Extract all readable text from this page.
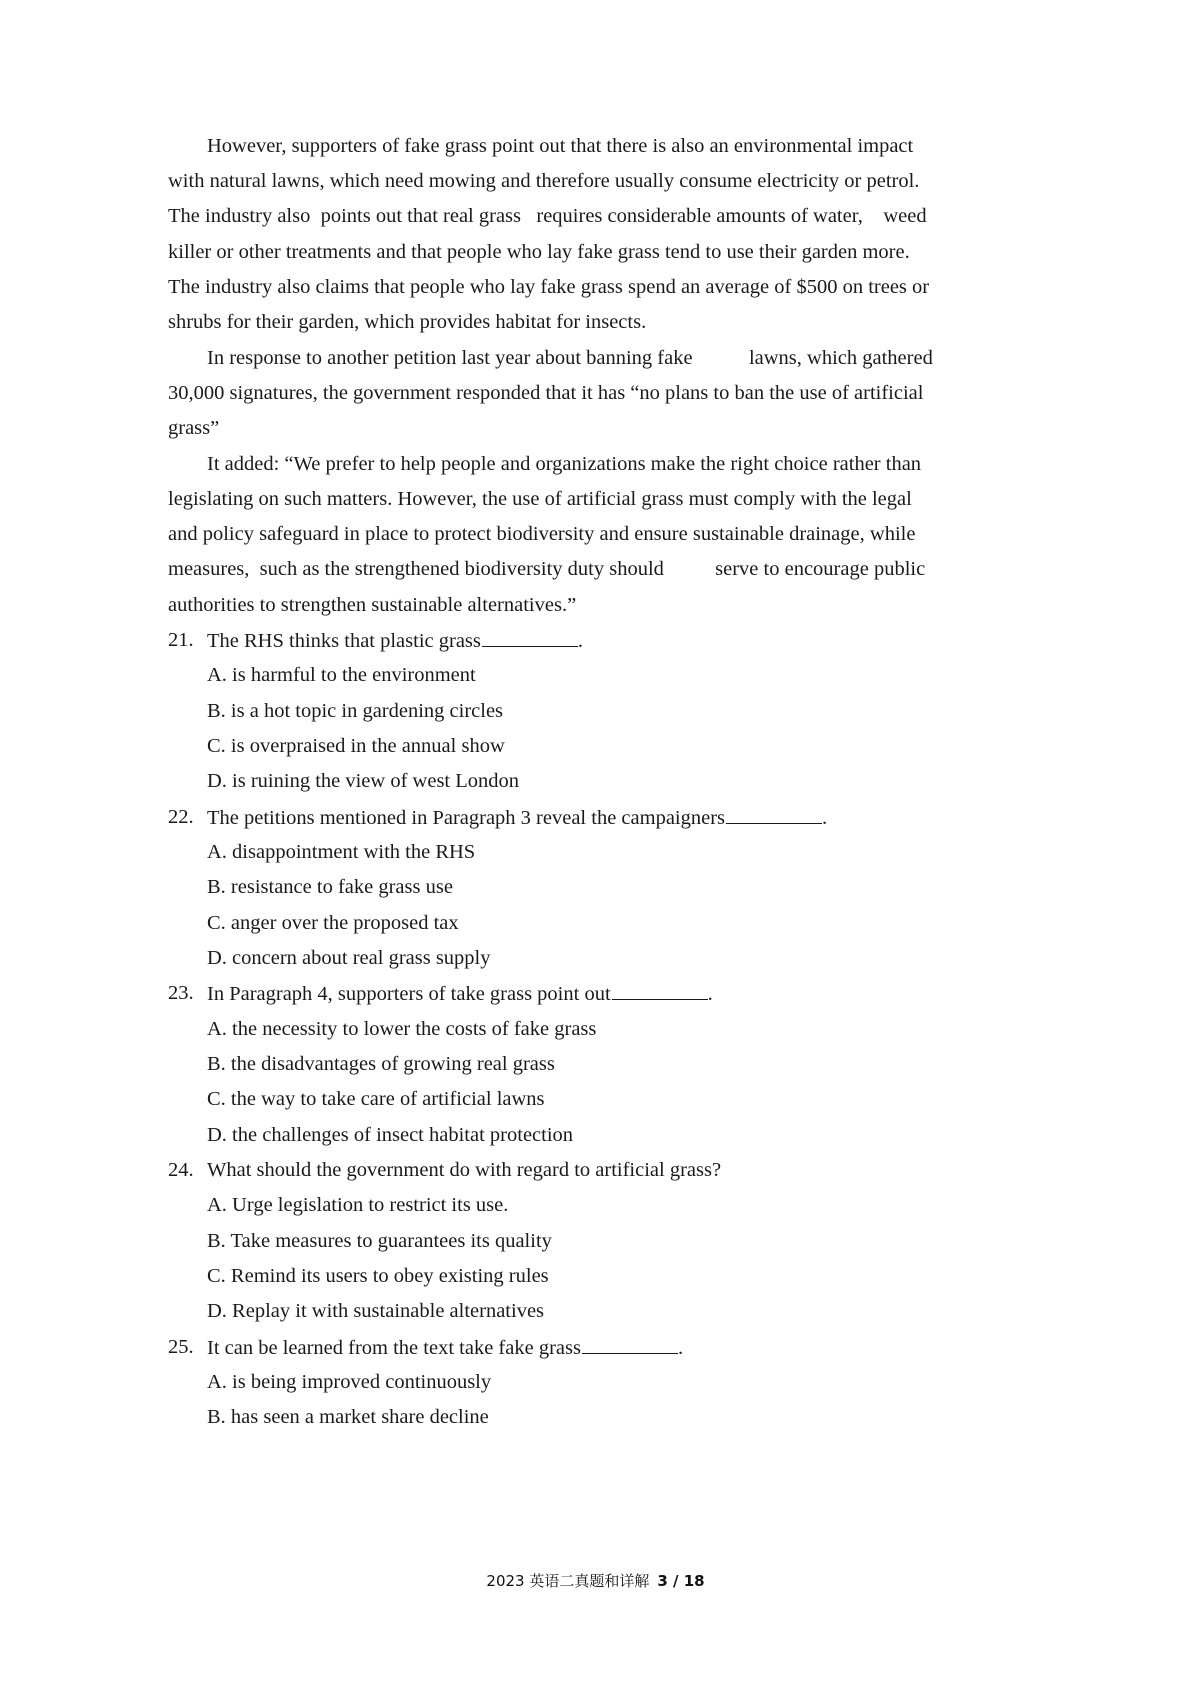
However, supporters of fake grass point out that there is also an environmental impact
with natural lawns, which need mowing and therefore usually consume electricity or petrol.
The industry also  points out that real grass   requires considerable amounts of water,    weed
killer or other treatments and that people who lay fake grass tend to use their garden more.
The industry also claims that people who lay fake grass spend an average of $500 on trees or
shrubs for their garden, which provides habitat for insects.
In response to another petition last year about banning fake           lawns, which gathered
30,000 signatures, the government responded that it has “no plans to ban the use of artificial
grass”
It added: “We prefer to help people and organizations make the right choice rather than
legislating on such matters. However, the use of artificial grass must comply with the legal
and policy safeguard in place to protect biodiversity and ensure sustainable drainage, while
measures,  such as the strengthened biodiversity duty should          serve to encourage public
authorities to strengthen sustainable alternatives.”
21. The RHS thinks that plastic grass	.
A. is harmful to the environment
B. is a hot topic in gardening circles
C. is overpraised in the annual show
D. is ruining the view of west London
22. The petitions mentioned in Paragraph 3 reveal the campaigners	.
A. disappointment with the RHS
B. resistance to fake grass use
C. anger over the proposed tax
D. concern about real grass supply
23. In Paragraph 4, supporters of take grass point out	.
A. the necessity to lower the costs of fake grass
B. the disadvantages of growing real grass
C. the way to take care of artificial lawns
D. the challenges of insect habitat protection
24. What should the government do with regard to artificial grass?
A. Urge legislation to restrict its use.
B. Take measures to guarantees its quality
C. Remind its users to obey existing rules
D. Replay it with sustainable alternatives
25. It can be learned from the text take fake grass	.
A. is being improved continuously
B. has seen a market share decline
2023 英语二真题和详解 3 / 18
